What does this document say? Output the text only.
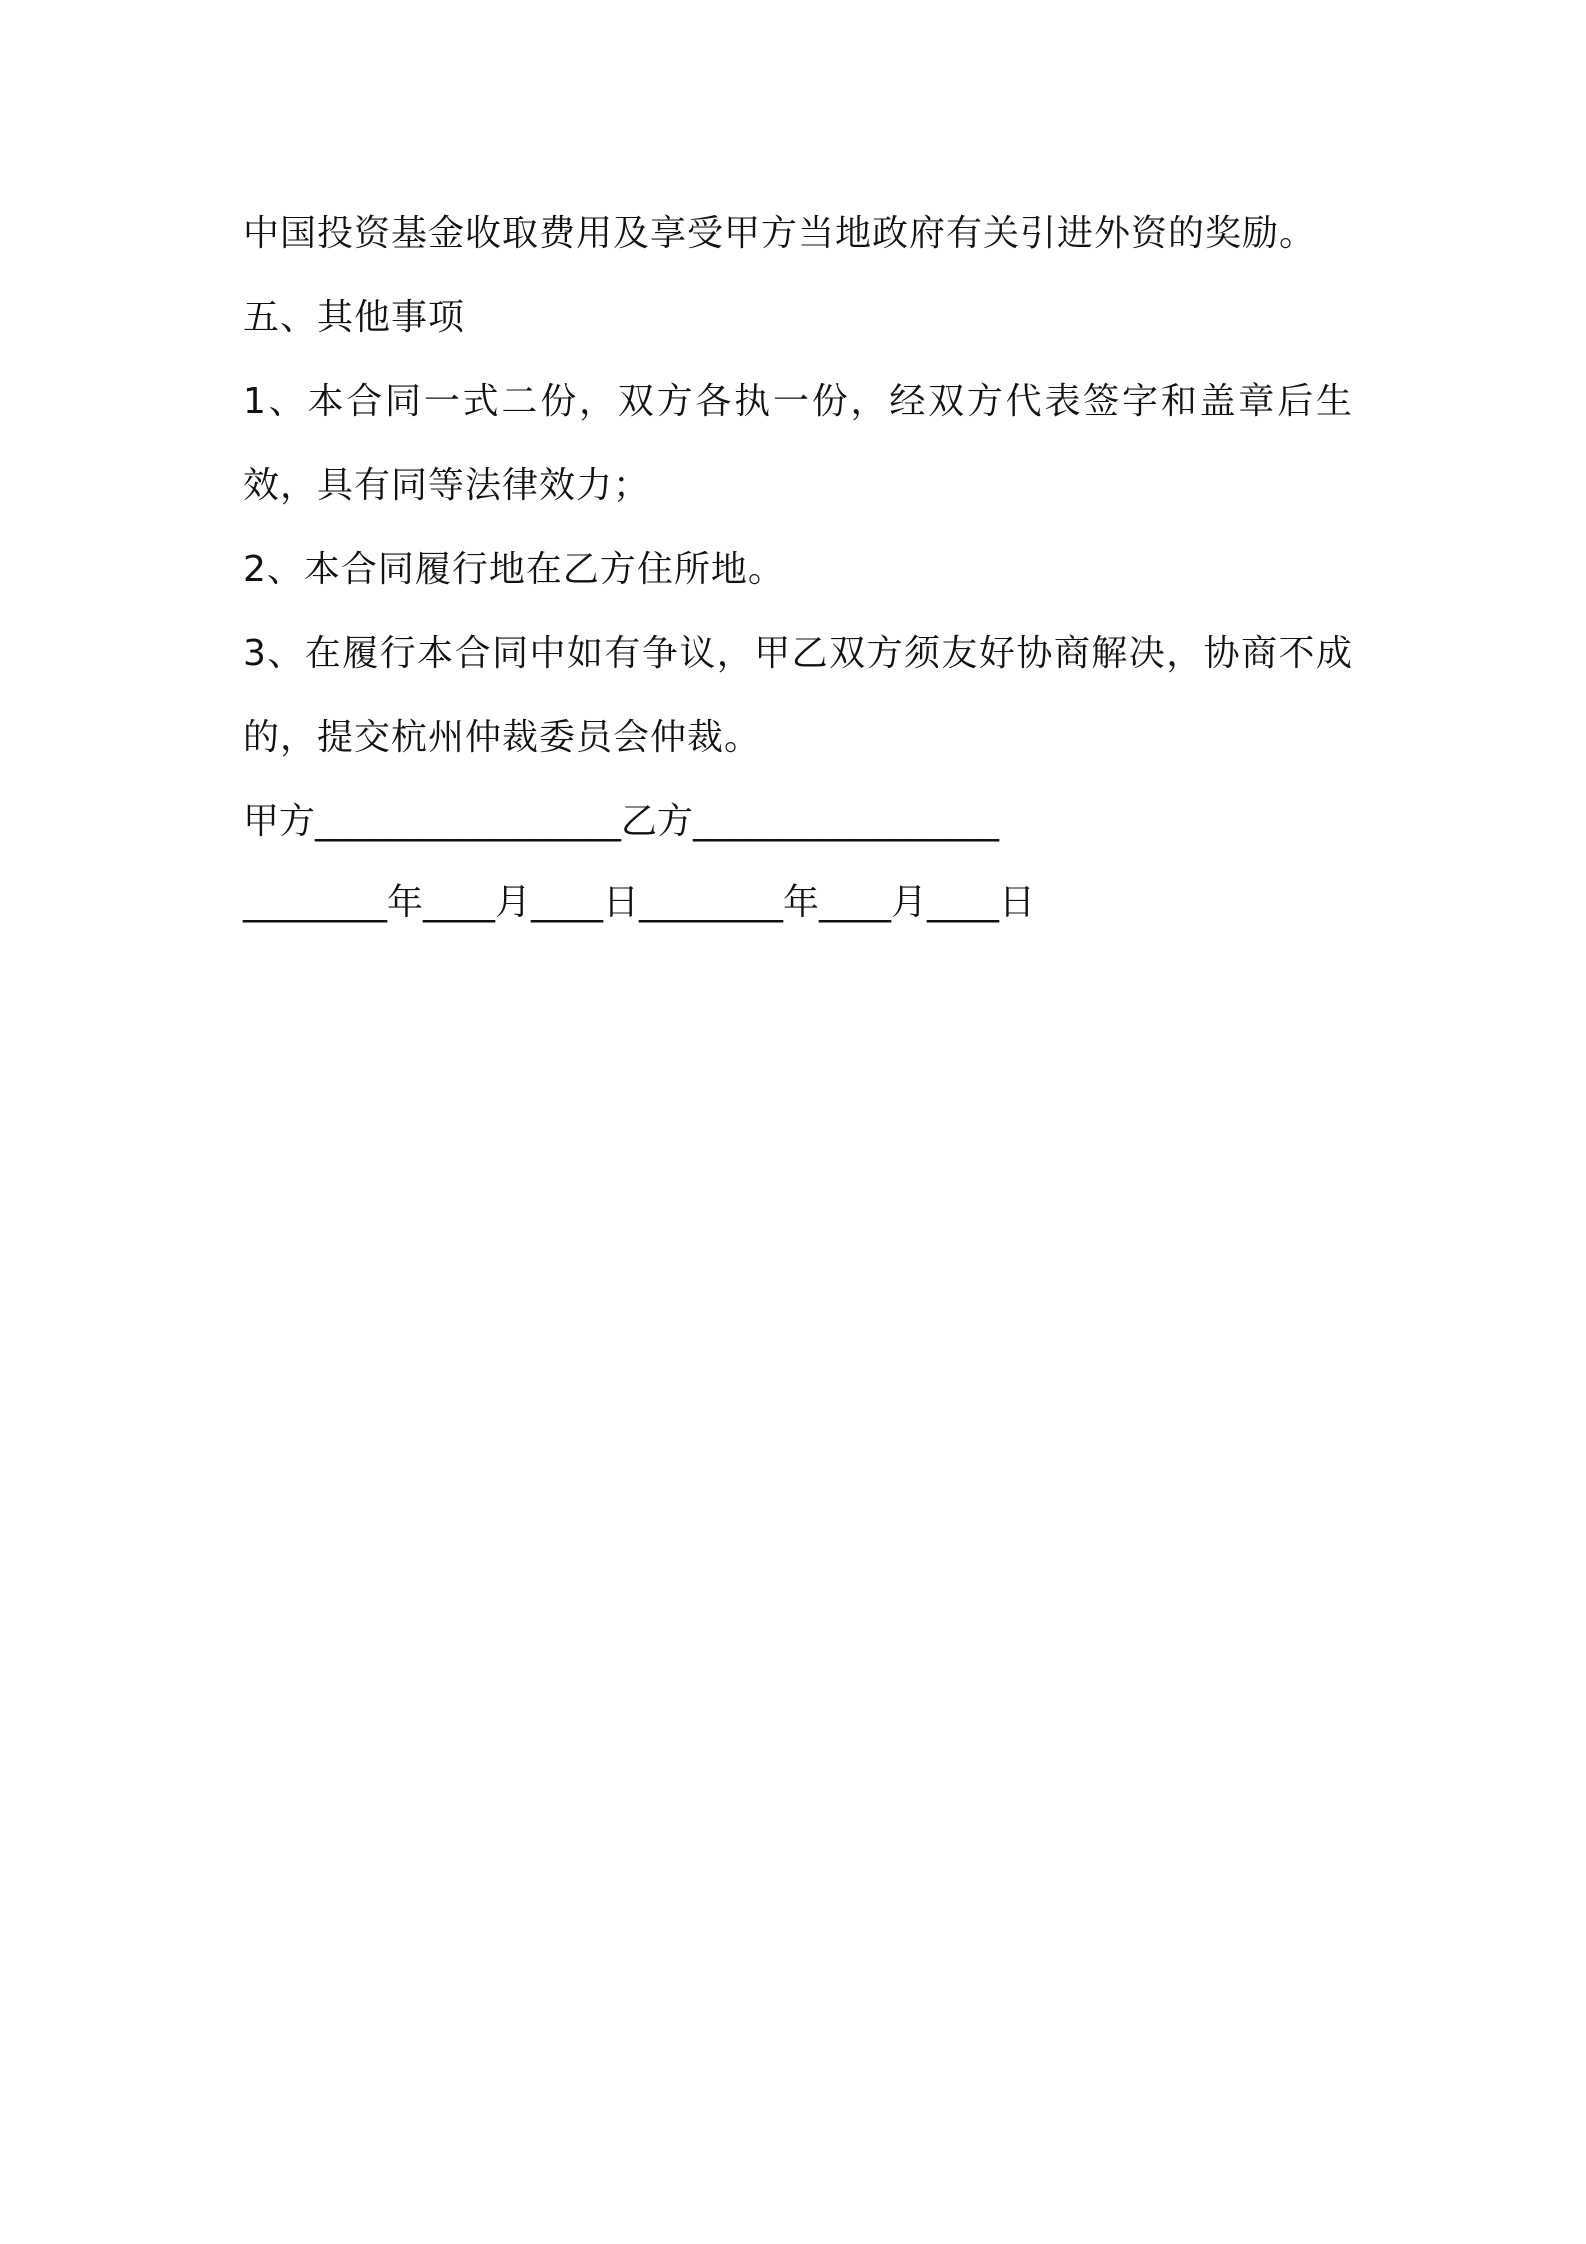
中国投资基金收取费用及享受甲方当地政府有关引进外资的奖励。

五、其他事项

1、本合同一式二份，双方各执一份，经双方代表签字和盖章后生效，具有同等法律效力；

2、本合同履行地在乙方住所地。

3、在履行本合同中如有争议，甲乙双方须友好协商解决，协商不成的，提交杭州仲裁委员会仲裁。

甲方_________________乙方_________________

________年____月____日________年____月____日
